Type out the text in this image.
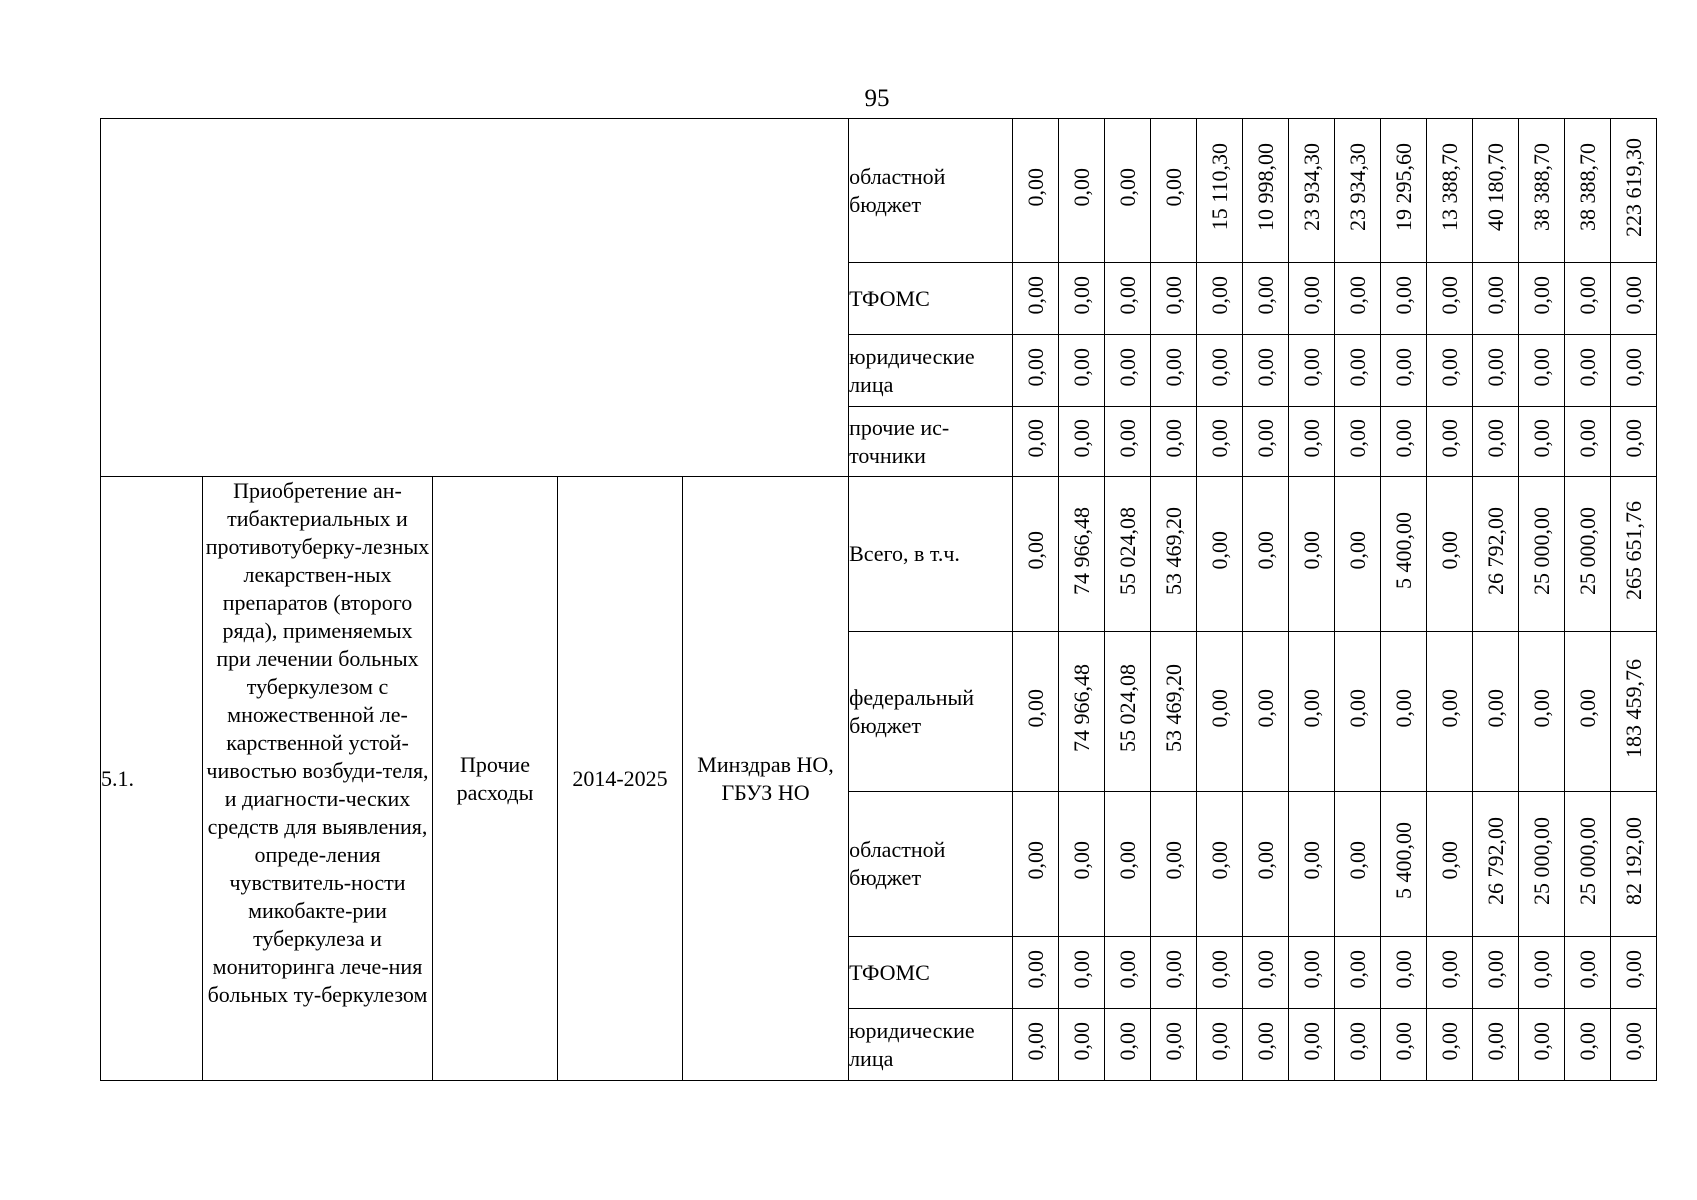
95
					областной бюджет	0,00	0,00	0,00	0,00	15 110,30	10 998,00	23 934,30	23 934,30	19 295,60	13 388,70	40 180,70	38 388,70	38 388,70	223 619,30
					ТФОМС	0,00	0,00	0,00	0,00	0,00	0,00	0,00	0,00	0,00	0,00	0,00	0,00	0,00	0,00
					юридические лица	0,00	0,00	0,00	0,00	0,00	0,00	0,00	0,00	0,00	0,00	0,00	0,00	0,00	0,00
					прочие ис-точники	0,00	0,00	0,00	0,00	0,00	0,00	0,00	0,00	0,00	0,00	0,00	0,00	0,00	0,00
5.1.	Приобретение ан-тибактериальных и противотуберку-лезных лекарствен-ных препаратов (второго ряда), применяемых при лечении больных туберкулезом с множественной ле-карственной устой-чивостью возбуди-теля, и диагности-ческих средств для выявления, опреде-ления чувствитель-ности микобакте-рии туберкулеза и мониторинга лече-ния больных ту-беркулезом	Прочие расходы	2014-2025	Минздрав НО, ГБУЗ НО	Всего, в т.ч.	0,00	74 966,48	55 024,08	53 469,20	0,00	0,00	0,00	0,00	5 400,00	0,00	26 792,00	25 000,00	25 000,00	265 651,76
					федеральный бюджет	0,00	74 966,48	55 024,08	53 469,20	0,00	0,00	0,00	0,00	0,00	0,00	0,00	0,00	0,00	183 459,76
					областной бюджет	0,00	0,00	0,00	0,00	0,00	0,00	0,00	0,00	5 400,00	0,00	26 792,00	25 000,00	25 000,00	82 192,00
					ТФОМС	0,00	0,00	0,00	0,00	0,00	0,00	0,00	0,00	0,00	0,00	0,00	0,00	0,00	0,00
					юридические лица	0,00	0,00	0,00	0,00	0,00	0,00	0,00	0,00	0,00	0,00	0,00	0,00	0,00	0,00
